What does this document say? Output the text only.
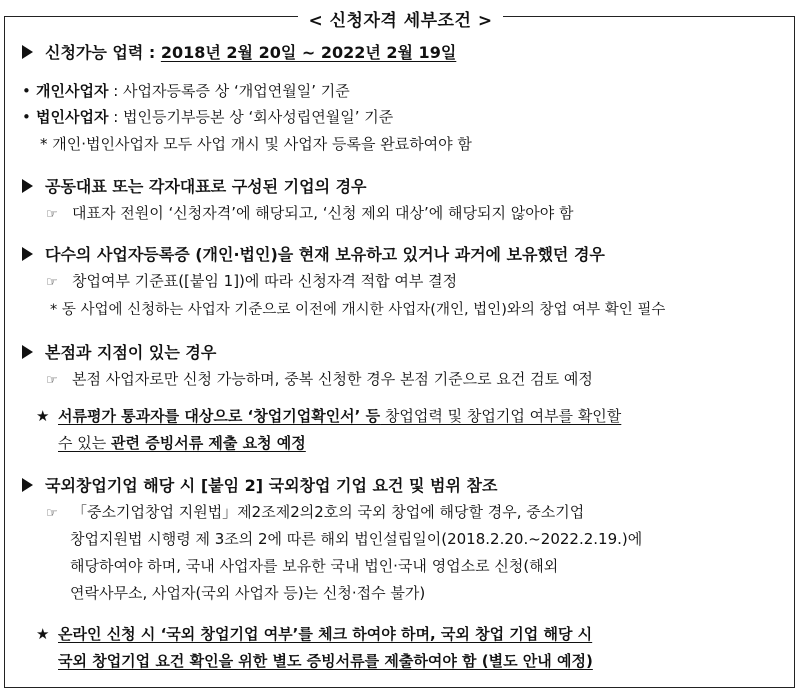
< 신청자격 세부조건 >
신청가능 업력 : 2018년 2월 20일 ~ 2022년 2월 19일
• 개인사업자 : 사업자등록증 상 ‘개업연월일’ 기준
• 법인사업자 : 법인등기부등본 상 ‘회사성립연월일’ 기준
* 개인·법인사업자 모두 사업 개시 및 사업자 등록을 완료하여야 함
공동대표 또는 각자대표로 구성된 기업의 경우
☞ 대표자 전원이 ‘신청자격’에 해당되고, ‘신청 제외 대상’에 해당되지 않아야 함
다수의 사업자등록증 (개인·법인)을 현재 보유하고 있거나 과거에 보유했던 경우
☞ 창업여부 기준표([붙임 1])에 따라 신청자격 적합 여부 결정
* 동 사업에 신청하는 사업자 기준으로 이전에 개시한 사업자(개인, 법인)와의 창업 여부 확인 필수
본점과 지점이 있는 경우
☞ 본점 사업자로만 신청 가능하며, 중복 신청한 경우 본점 기준으로 요건 검토 예정
★ 서류평가 통과자를 대상으로 ‘창업기업확인서’ 등 창업업력 및 창업기업 여부를 확인할
수 있는 관련 증빙서류 제출 요청 예정
국외창업기업 해당 시 [붙임 2] 국외창업 기업 요건 및 범위 참조
☞ 「중소기업창업 지원법」제2조제2의2호의 국외 창업에 해당할 경우, 중소기업
창업지원법 시행령 제 3조의 2에 따른 해외 법인설립일이(2018.2.20.~2022.2.19.)에
해당하여야 하며, 국내 사업자를 보유한 국내 법인·국내 영업소로 신청(해외
연락사무소, 사업자(국외 사업자 등)는 신청·접수 불가)
★ 온라인 신청 시 ‘국외 창업기업 여부’를 체크 하여야 하며, 국외 창업 기업 해당 시
국외 창업기업 요건 확인을 위한 별도 증빙서류를 제출하여야 함 (별도 안내 예정)
